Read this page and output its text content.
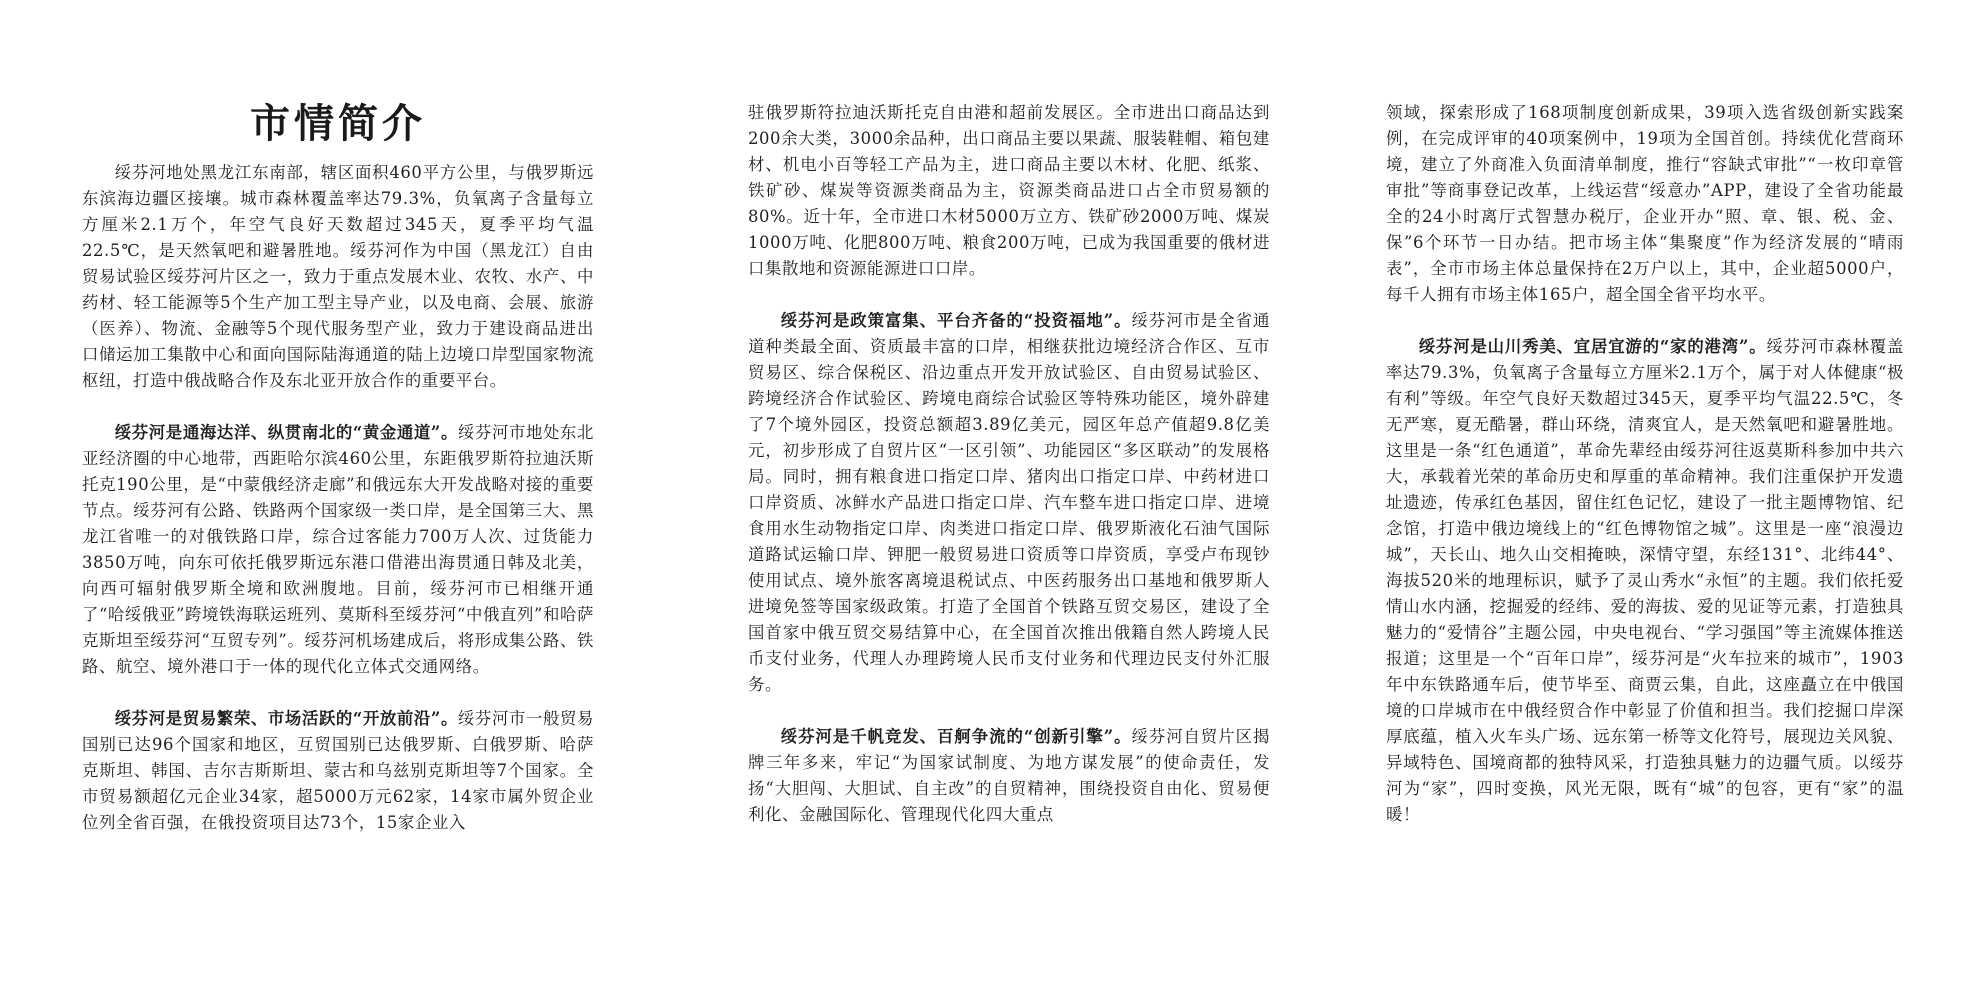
市情简介

绥芬河地处黑龙江东南部，辖区面积460平方公里，与俄罗斯远东滨海边疆区接壤。城市森林覆盖率达79.3%，负氧离子含量每立方厘米2.1万个，年空气良好天数超过345天，夏季平均气温22.5℃，是天然氧吧和避暑胜地。绥芬河作为中国（黑龙江）自由贸易试验区绥芬河片区之一，致力于重点发展木业、农牧、水产、中药材、轻工能源等5个生产加工型主导产业，以及电商、会展、旅游（医养）、物流、金融等5个现代服务型产业，致力于建设商品进出口储运加工集散中心和面向国际陆海通道的陆上边境口岸型国家物流枢纽，打造中俄战略合作及东北亚开放合作的重要平台。

绥芬河是通海达洋、纵贯南北的“黄金通道”。绥芬河市地处东北亚经济圈的中心地带，西距哈尔滨460公里，东距俄罗斯符拉迪沃斯托克190公里，是“中蒙俄经济走廊”和俄远东大开发战略对接的重要节点。绥芬河有公路、铁路两个国家级一类口岸，是全国第三大、黑龙江省唯一的对俄铁路口岸，综合过客能力700万人次、过货能力3850万吨，向东可依托俄罗斯远东港口借港出海贯通日韩及北美，向西可辐射俄罗斯全境和欧洲腹地。目前，绥芬河市已相继开通了“哈绥俄亚”跨境铁海联运班列、莫斯科至绥芬河“中俄直列”和哈萨克斯坦至绥芬河“互贸专列”。绥芬河机场建成后，将形成集公路、铁路、航空、境外港口于一体的现代化立体式交通网络。

绥芬河是贸易繁荣、市场活跃的“开放前沿”。绥芬河市一般贸易国别已达96个国家和地区，互贸国别已达俄罗斯、白俄罗斯、哈萨克斯坦、韩国、吉尔吉斯斯坦、蒙古和乌兹别克斯坦等7个国家。全市贸易额超亿元企业34家，超5000万元62家，14家市属外贸企业位列全省百强，在俄投资项目达73个，15家企业入

驻俄罗斯符拉迪沃斯托克自由港和超前发展区。全市进出口商品达到200余大类，3000余品种，出口商品主要以果蔬、服装鞋帽、箱包建材、机电小百等轻工产品为主，进口商品主要以木材、化肥、纸浆、铁矿砂、煤炭等资源类商品为主，资源类商品进口占全市贸易额的80%。近十年，全市进口木材5000万立方、铁矿砂2000万吨、煤炭1000万吨、化肥800万吨、粮食200万吨，已成为我国重要的俄材进口集散地和资源能源进口口岸。

绥芬河是政策富集、平台齐备的“投资福地”。绥芬河市是全省通道种类最全面、资质最丰富的口岸，相继获批边境经济合作区、互市贸易区、综合保税区、沿边重点开发开放试验区、自由贸易试验区、跨境经济合作试验区、跨境电商综合试验区等特殊功能区，境外辟建了7个境外园区，投资总额超3.89亿美元，园区年总产值超9.8亿美元，初步形成了自贸片区“一区引领”、功能园区“多区联动”的发展格局。同时，拥有粮食进口指定口岸、猪肉出口指定口岸、中药材进口口岸资质、冰鲜水产品进口指定口岸、汽车整车进口指定口岸、进境食用水生动物指定口岸、肉类进口指定口岸、俄罗斯液化石油气国际道路试运输口岸、钾肥一般贸易进口资质等口岸资质，享受卢布现钞使用试点、境外旅客离境退税试点、中医药服务出口基地和俄罗斯人进境免签等国家级政策。打造了全国首个铁路互贸交易区，建设了全国首家中俄互贸交易结算中心，在全国首次推出俄籍自然人跨境人民币支付业务，代理人办理跨境人民币支付业务和代理边民支付外汇服务。

绥芬河是千帆竞发、百舸争流的“创新引擎”。绥芬河自贸片区揭牌三年多来，牢记“为国家试制度、为地方谋发展”的使命责任，发扬“大胆闯、大胆试、自主改”的自贸精神，围绕投资自由化、贸易便利化、金融国际化、管理现代化四大重点

领域，探索形成了168项制度创新成果，39项入选省级创新实践案例，在完成评审的40项案例中，19项为全国首创。持续优化营商环境，建立了外商准入负面清单制度，推行“容缺式审批”“一枚印章管审批”等商事登记改革，上线运营“绥意办”APP，建设了全省功能最全的24小时离厅式智慧办税厅，企业开办“照、章、银、税、金、保”6个环节一日办结。把市场主体“集聚度”作为经济发展的“晴雨表”，全市市场主体总量保持在2万户以上，其中，企业超5000户，每千人拥有市场主体165户，超全国全省平均水平。

绥芬河是山川秀美、宜居宜游的“家的港湾”。绥芬河市森林覆盖率达79.3%，负氧离子含量每立方厘米2.1万个，属于对人体健康“极有利”等级。年空气良好天数超过345天，夏季平均气温22.5℃，冬无严寒，夏无酷暑，群山环绕，清爽宜人，是天然氧吧和避暑胜地。这里是一条“红色通道”，革命先辈经由绥芬河往返莫斯科参加中共六大，承载着光荣的革命历史和厚重的革命精神。我们注重保护开发遗址遗迹，传承红色基因，留住红色记忆，建设了一批主题博物馆、纪念馆，打造中俄边境线上的“红色博物馆之城”。这里是一座“浪漫边城”，天长山、地久山交相掩映，深情守望，东经131°、北纬44°、海拔520米的地理标识，赋予了灵山秀水“永恒”的主题。我们依托爱情山水内涵，挖掘爱的经纬、爱的海拔、爱的见证等元素，打造独具魅力的“爱情谷”主题公园，中央电视台、“学习强国”等主流媒体推送报道；这里是一个“百年口岸”，绥芬河是“火车拉来的城市”，1903年中东铁路通车后，使节毕至、商贾云集，自此，这座矗立在中俄国境的口岸城市在中俄经贸合作中彰显了价值和担当。我们挖掘口岸深厚底蕴，植入火车头广场、远东第一桥等文化符号，展现边关风貌、异域特色、国境商都的独特风采，打造独具魅力的边疆气质。以绥芬河为“家”，四时变换，风光无限，既有“城”的包容，更有“家”的温暖！
